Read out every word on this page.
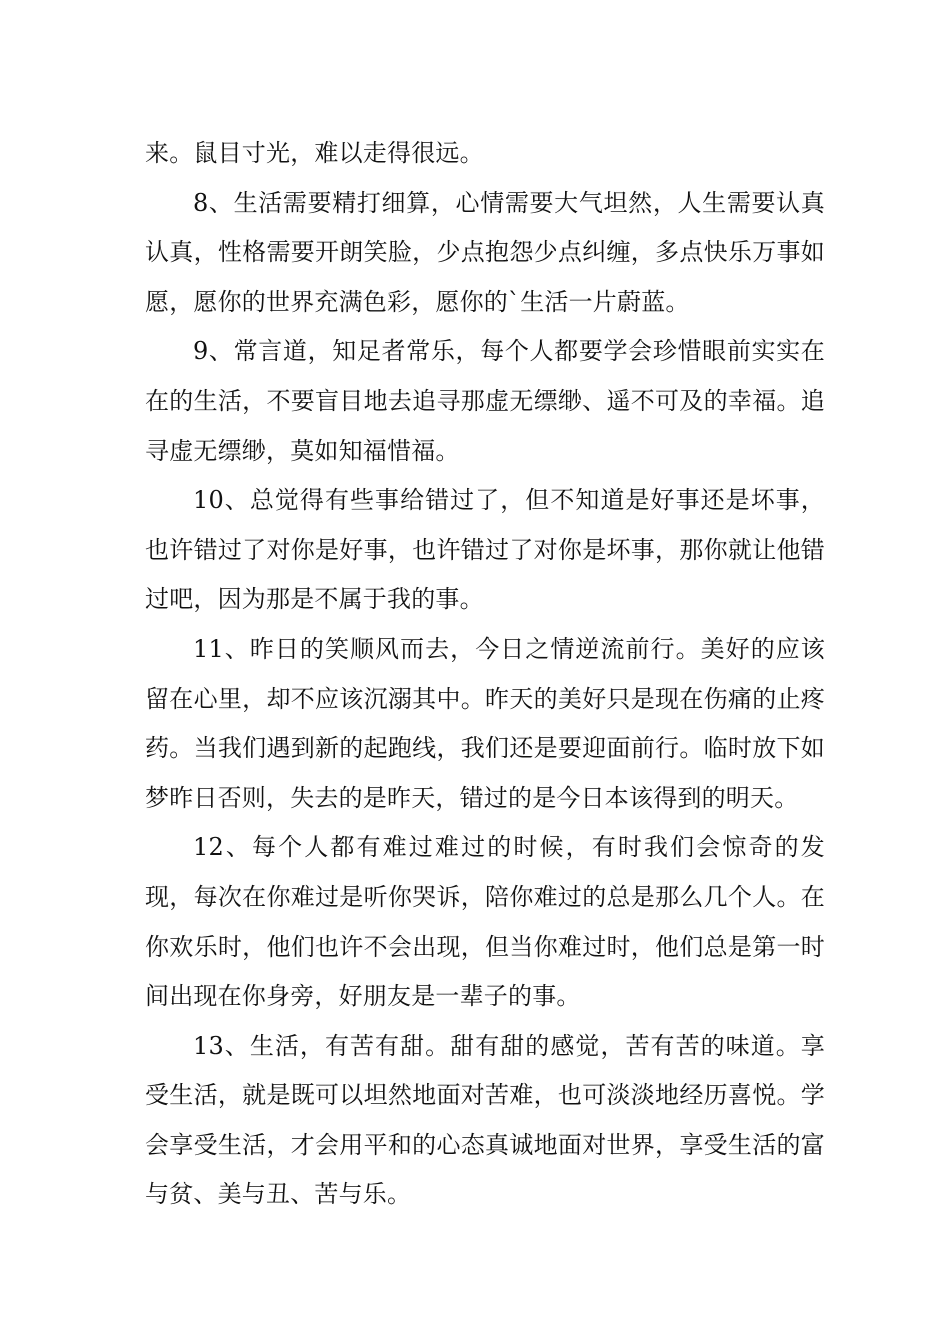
来。鼠目寸光，难以走得很远。

8、生活需要精打细算，心情需要大气坦然，人生需要认真认真，性格需要开朗笑脸，少点抱怨少点纠缠，多点快乐万事如愿，愿你的世界充满色彩，愿你的`生活一片蔚蓝。

9、常言道，知足者常乐，每个人都要学会珍惜眼前实实在在的生活，不要盲目地去追寻那虚无缥缈、遥不可及的幸福。追寻虚无缥缈，莫如知福惜福。

10、总觉得有些事给错过了，但不知道是好事还是坏事，也许错过了对你是好事，也许错过了对你是坏事，那你就让他错过吧，因为那是不属于我的事。

11、昨日的笑顺风而去，今日之情逆流前行。美好的应该留在心里，却不应该沉溺其中。昨天的美好只是现在伤痛的止疼药。当我们遇到新的起跑线，我们还是要迎面前行。临时放下如梦昨日否则，失去的是昨天，错过的是今日本该得到的明天。

12、每个人都有难过难过的时候，有时我们会惊奇的发现，每次在你难过是听你哭诉，陪你难过的总是那么几个人。在你欢乐时，他们也许不会出现，但当你难过时，他们总是第一时间出现在你身旁，好朋友是一辈子的事。

13、生活，有苦有甜。甜有甜的感觉，苦有苦的味道。享受生活，就是既可以坦然地面对苦难，也可淡淡地经历喜悦。学会享受生活，才会用平和的心态真诚地面对世界，享受生活的富与贫、美与丑、苦与乐。
